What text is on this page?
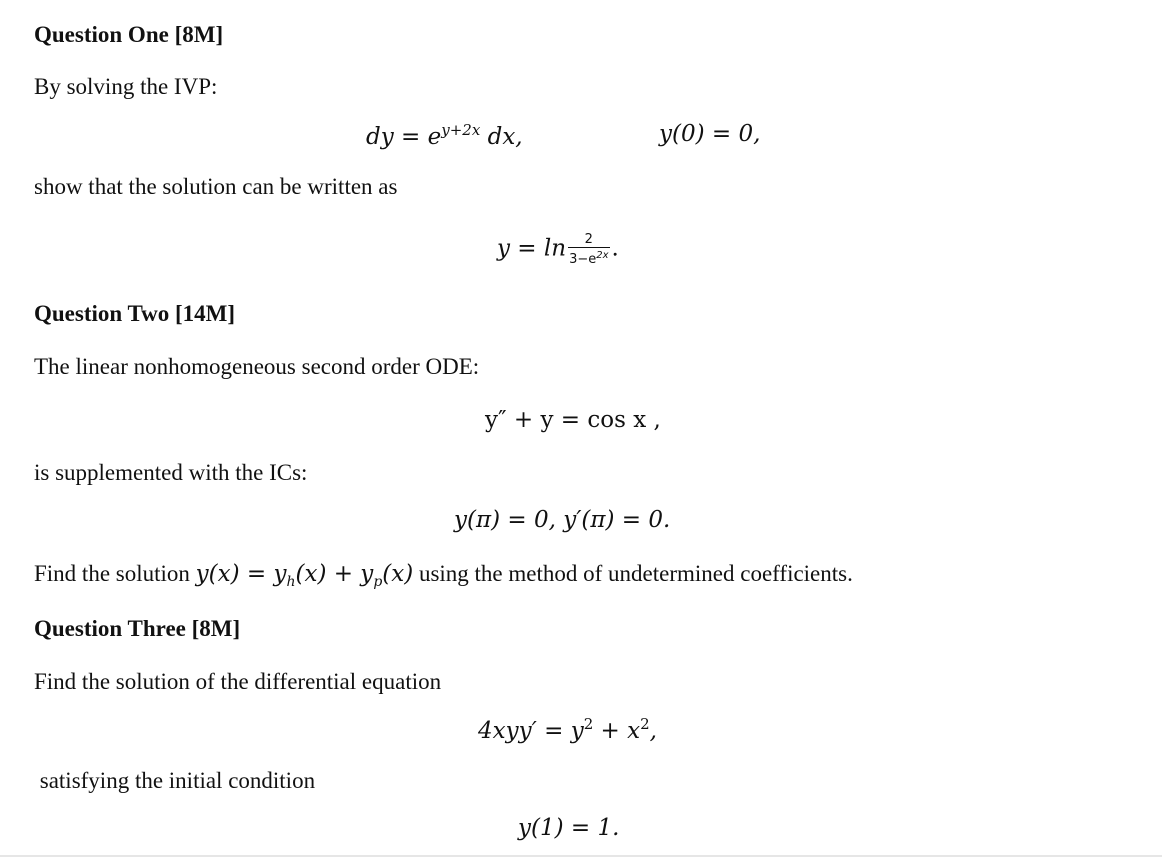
Question One [8M]
By solving the IVP:
dy = $e^{y+2x}$ dx,	y(0) = 0,
show that the solution can be written as
$y = \ln \frac{2}{3-e^{2x}}$ .
Question Two [14M]
The linear nonhomogeneous second order ODE:
y″ + y = cos x ,
is supplemented with the ICs:
y(π) = 0, y′(π) = 0.
Find the solution $y(x) = y_h(x) + y_p(x)$ using the method of undetermined coefficients.
Question Three [8M]
Find the solution of the differential equation
$4xyy' = y^2 + x^2$,
satisfying the initial condition
y(1) = 1.
